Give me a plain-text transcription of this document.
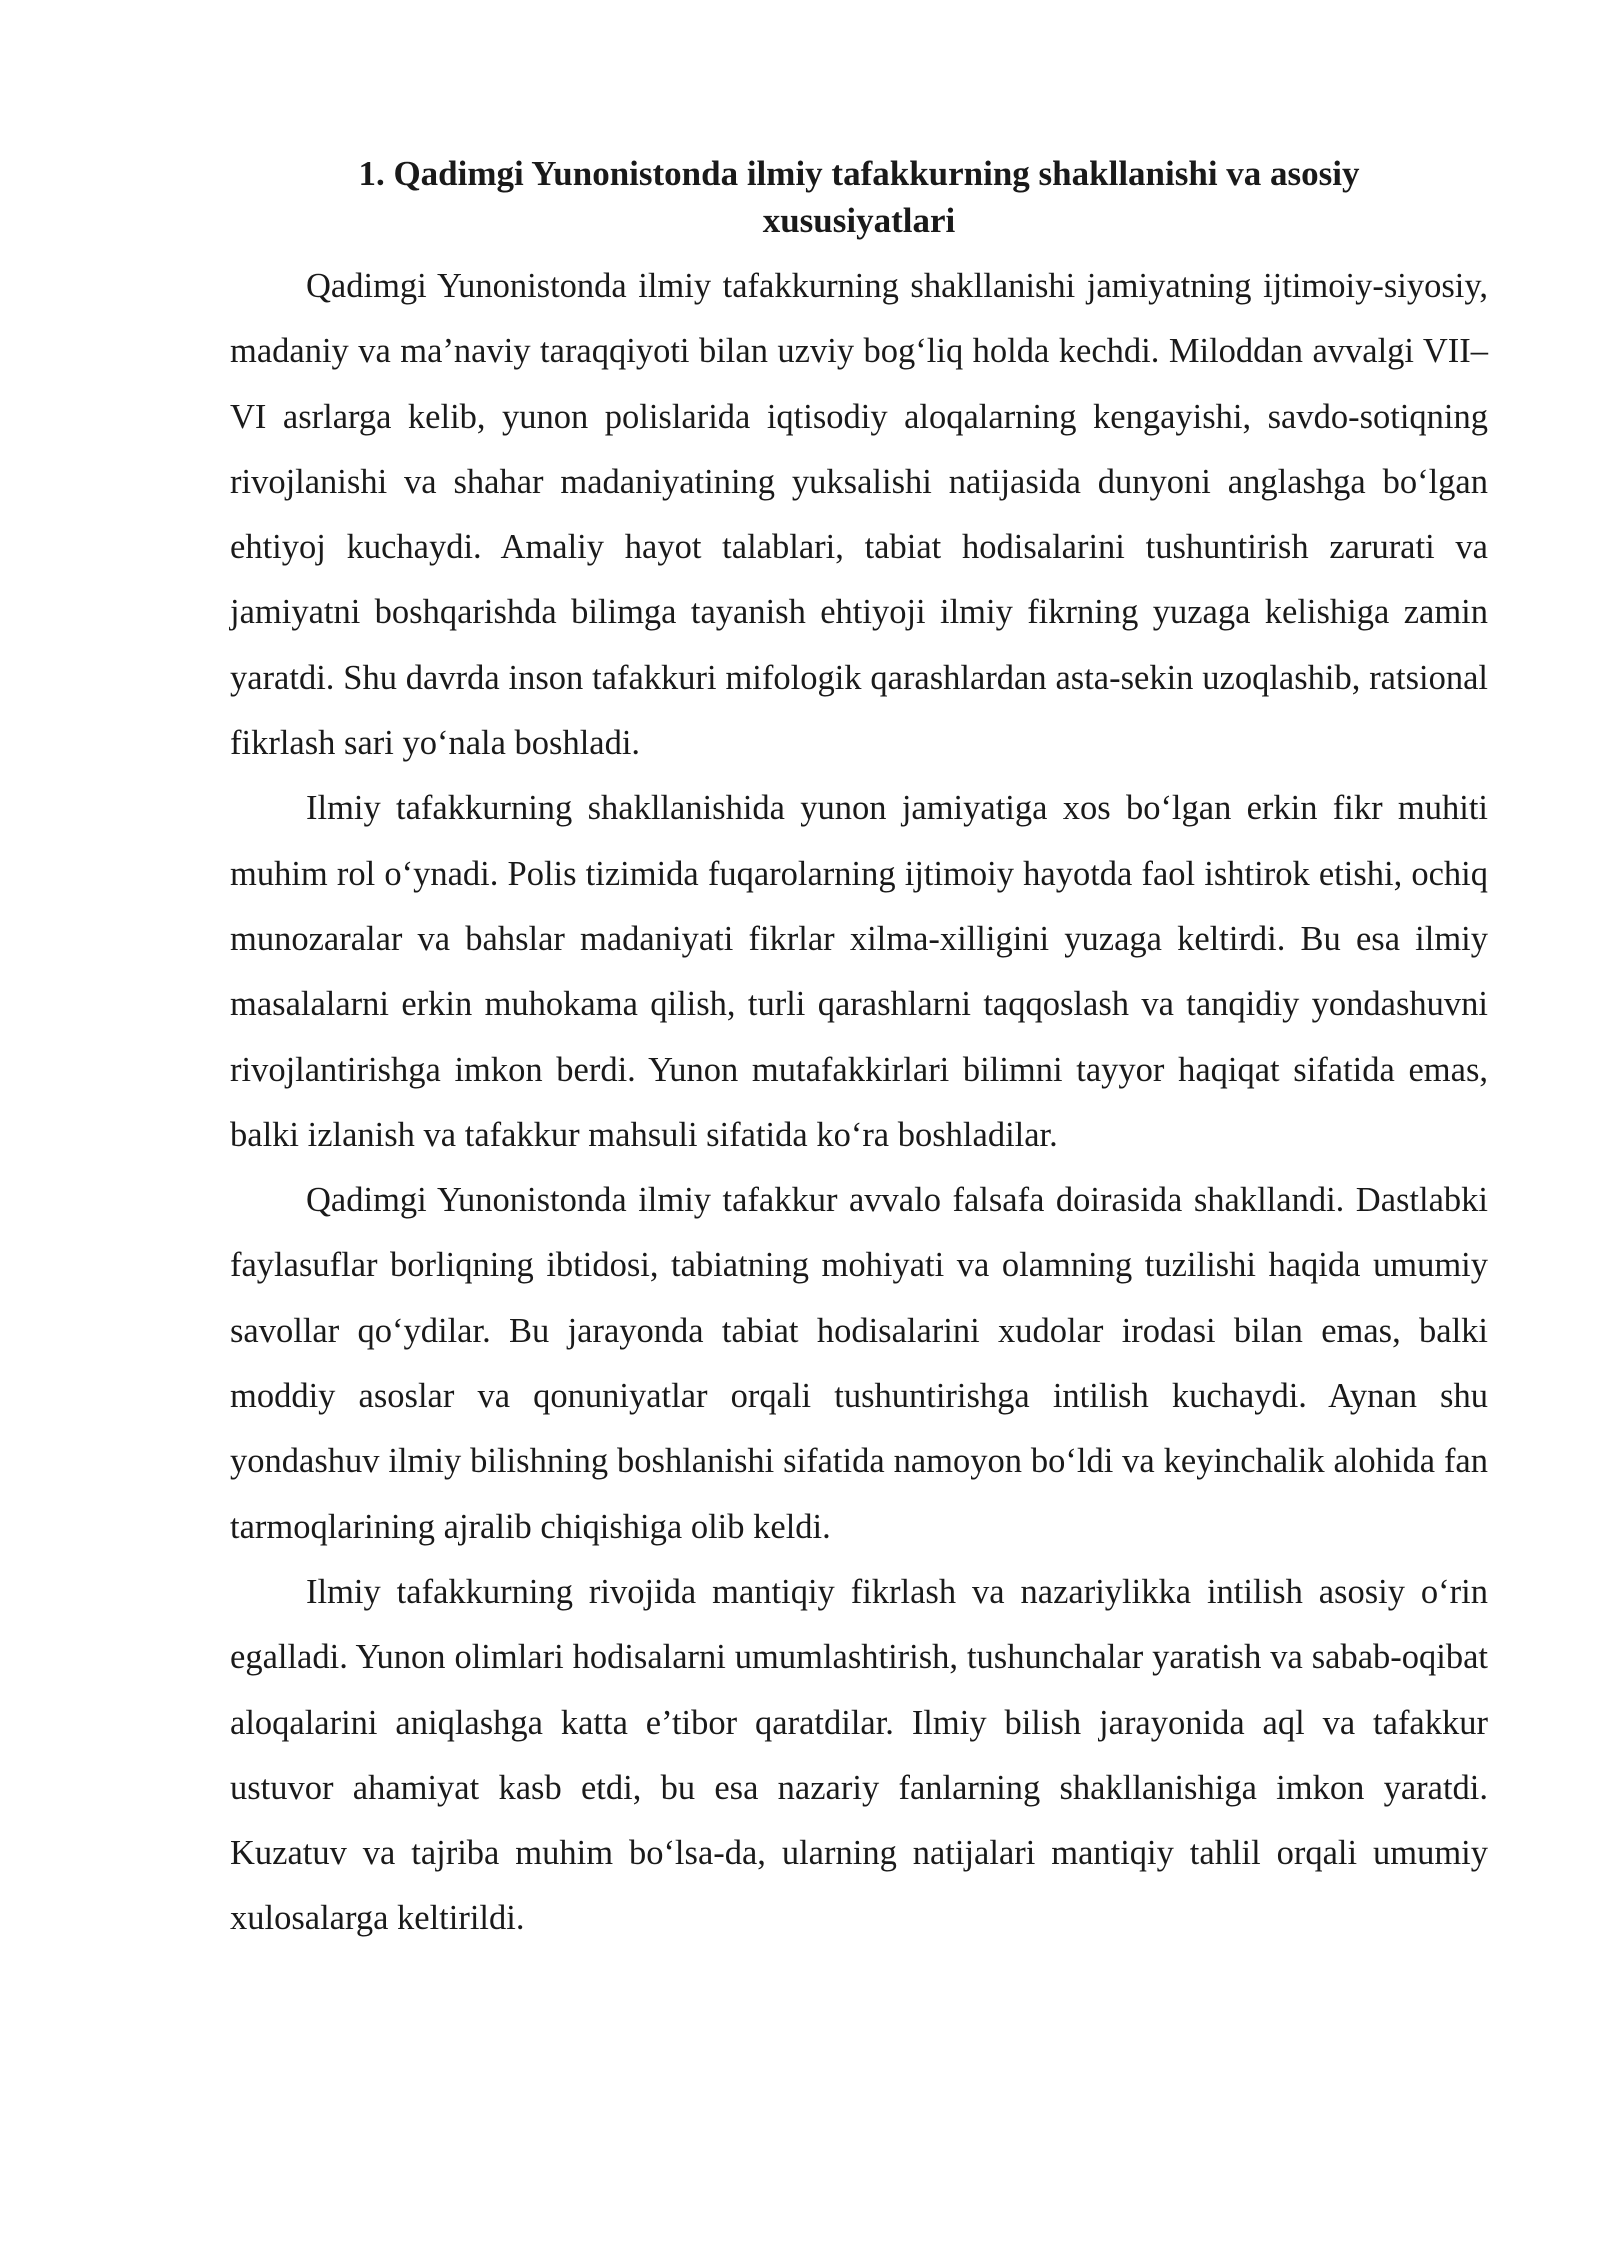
1. Qadimgi Yunonistonda ilmiy tafakkurning shakllanishi va asosiy xususiyatlari

Qadimgi Yunonistonda ilmiy tafakkurning shakllanishi jamiyatning ijtimoiy-siyosiy, madaniy va ma’naviy taraqqiyoti bilan uzviy bog‘liq holda kechdi. Miloddan avvalgi VII–VI asrlarga kelib, yunon polislarida iqtisodiy aloqalarning kengayishi, savdo-sotiqning rivojlanishi va shahar madaniyatining yuksalishi natijasida dunyoni anglashga bo‘lgan ehtiyoj kuchaydi. Amaliy hayot talablari, tabiat hodisalarini tushuntirish zarurati va jamiyatni boshqarishda bilimga tayanish ehtiyoji ilmiy fikrning yuzaga kelishiga zamin yaratdi. Shu davrda inson tafakkuri mifologik qarashlardan asta-sekin uzoqlashib, ratsional fikrlash sari yo‘nala boshladi.

Ilmiy tafakkurning shakllanishida yunon jamiyatiga xos bo‘lgan erkin fikr muhiti muhim rol o‘ynadi. Polis tizimida fuqarolarning ijtimoiy hayotda faol ishtirok etishi, ochiq munozaralar va bahslar madaniyati fikrlar xilma-xilligini yuzaga keltirdi. Bu esa ilmiy masalalarni erkin muhokama qilish, turli qarashlarni taqqoslash va tanqidiy yondashuvni rivojlantirishga imkon berdi. Yunon mutafakkirlari bilimni tayyor haqiqat sifatida emas, balki izlanish va tafakkur mahsuli sifatida ko‘ra boshladilar.

Qadimgi Yunonistonda ilmiy tafakkur avvalo falsafa doirasida shakllandi. Dastlabki faylasuflar borliqning ibtidosi, tabiatning mohiyati va olamning tuzilishi haqida umumiy savollar qo‘ydilar. Bu jarayonda tabiat hodisalarini xudolar irodasi bilan emas, balki moddiy asoslar va qonuniyatlar orqali tushuntirishga intilish kuchaydi. Aynan shu yondashuv ilmiy bilishning boshlanishi sifatida namoyon bo‘ldi va keyinchalik alohida fan tarmoqlarining ajralib chiqishiga olib keldi.

Ilmiy tafakkurning rivojida mantiqiy fikrlash va nazariylikka intilish asosiy o‘rin egalladi. Yunon olimlari hodisalarni umumlashtirish, tushunchalar yaratish va sabab-oqibat aloqalarini aniqlashga katta e’tibor qaratdilar. Ilmiy bilish jarayonida aql va tafakkur ustuvor ahamiyat kasb etdi, bu esa nazariy fanlarning shakllanishiga imkon yaratdi. Kuzatuv va tajriba muhim bo‘lsa-da, ularning natijalari mantiqiy tahlil orqali umumiy xulosalarga keltirildi.
